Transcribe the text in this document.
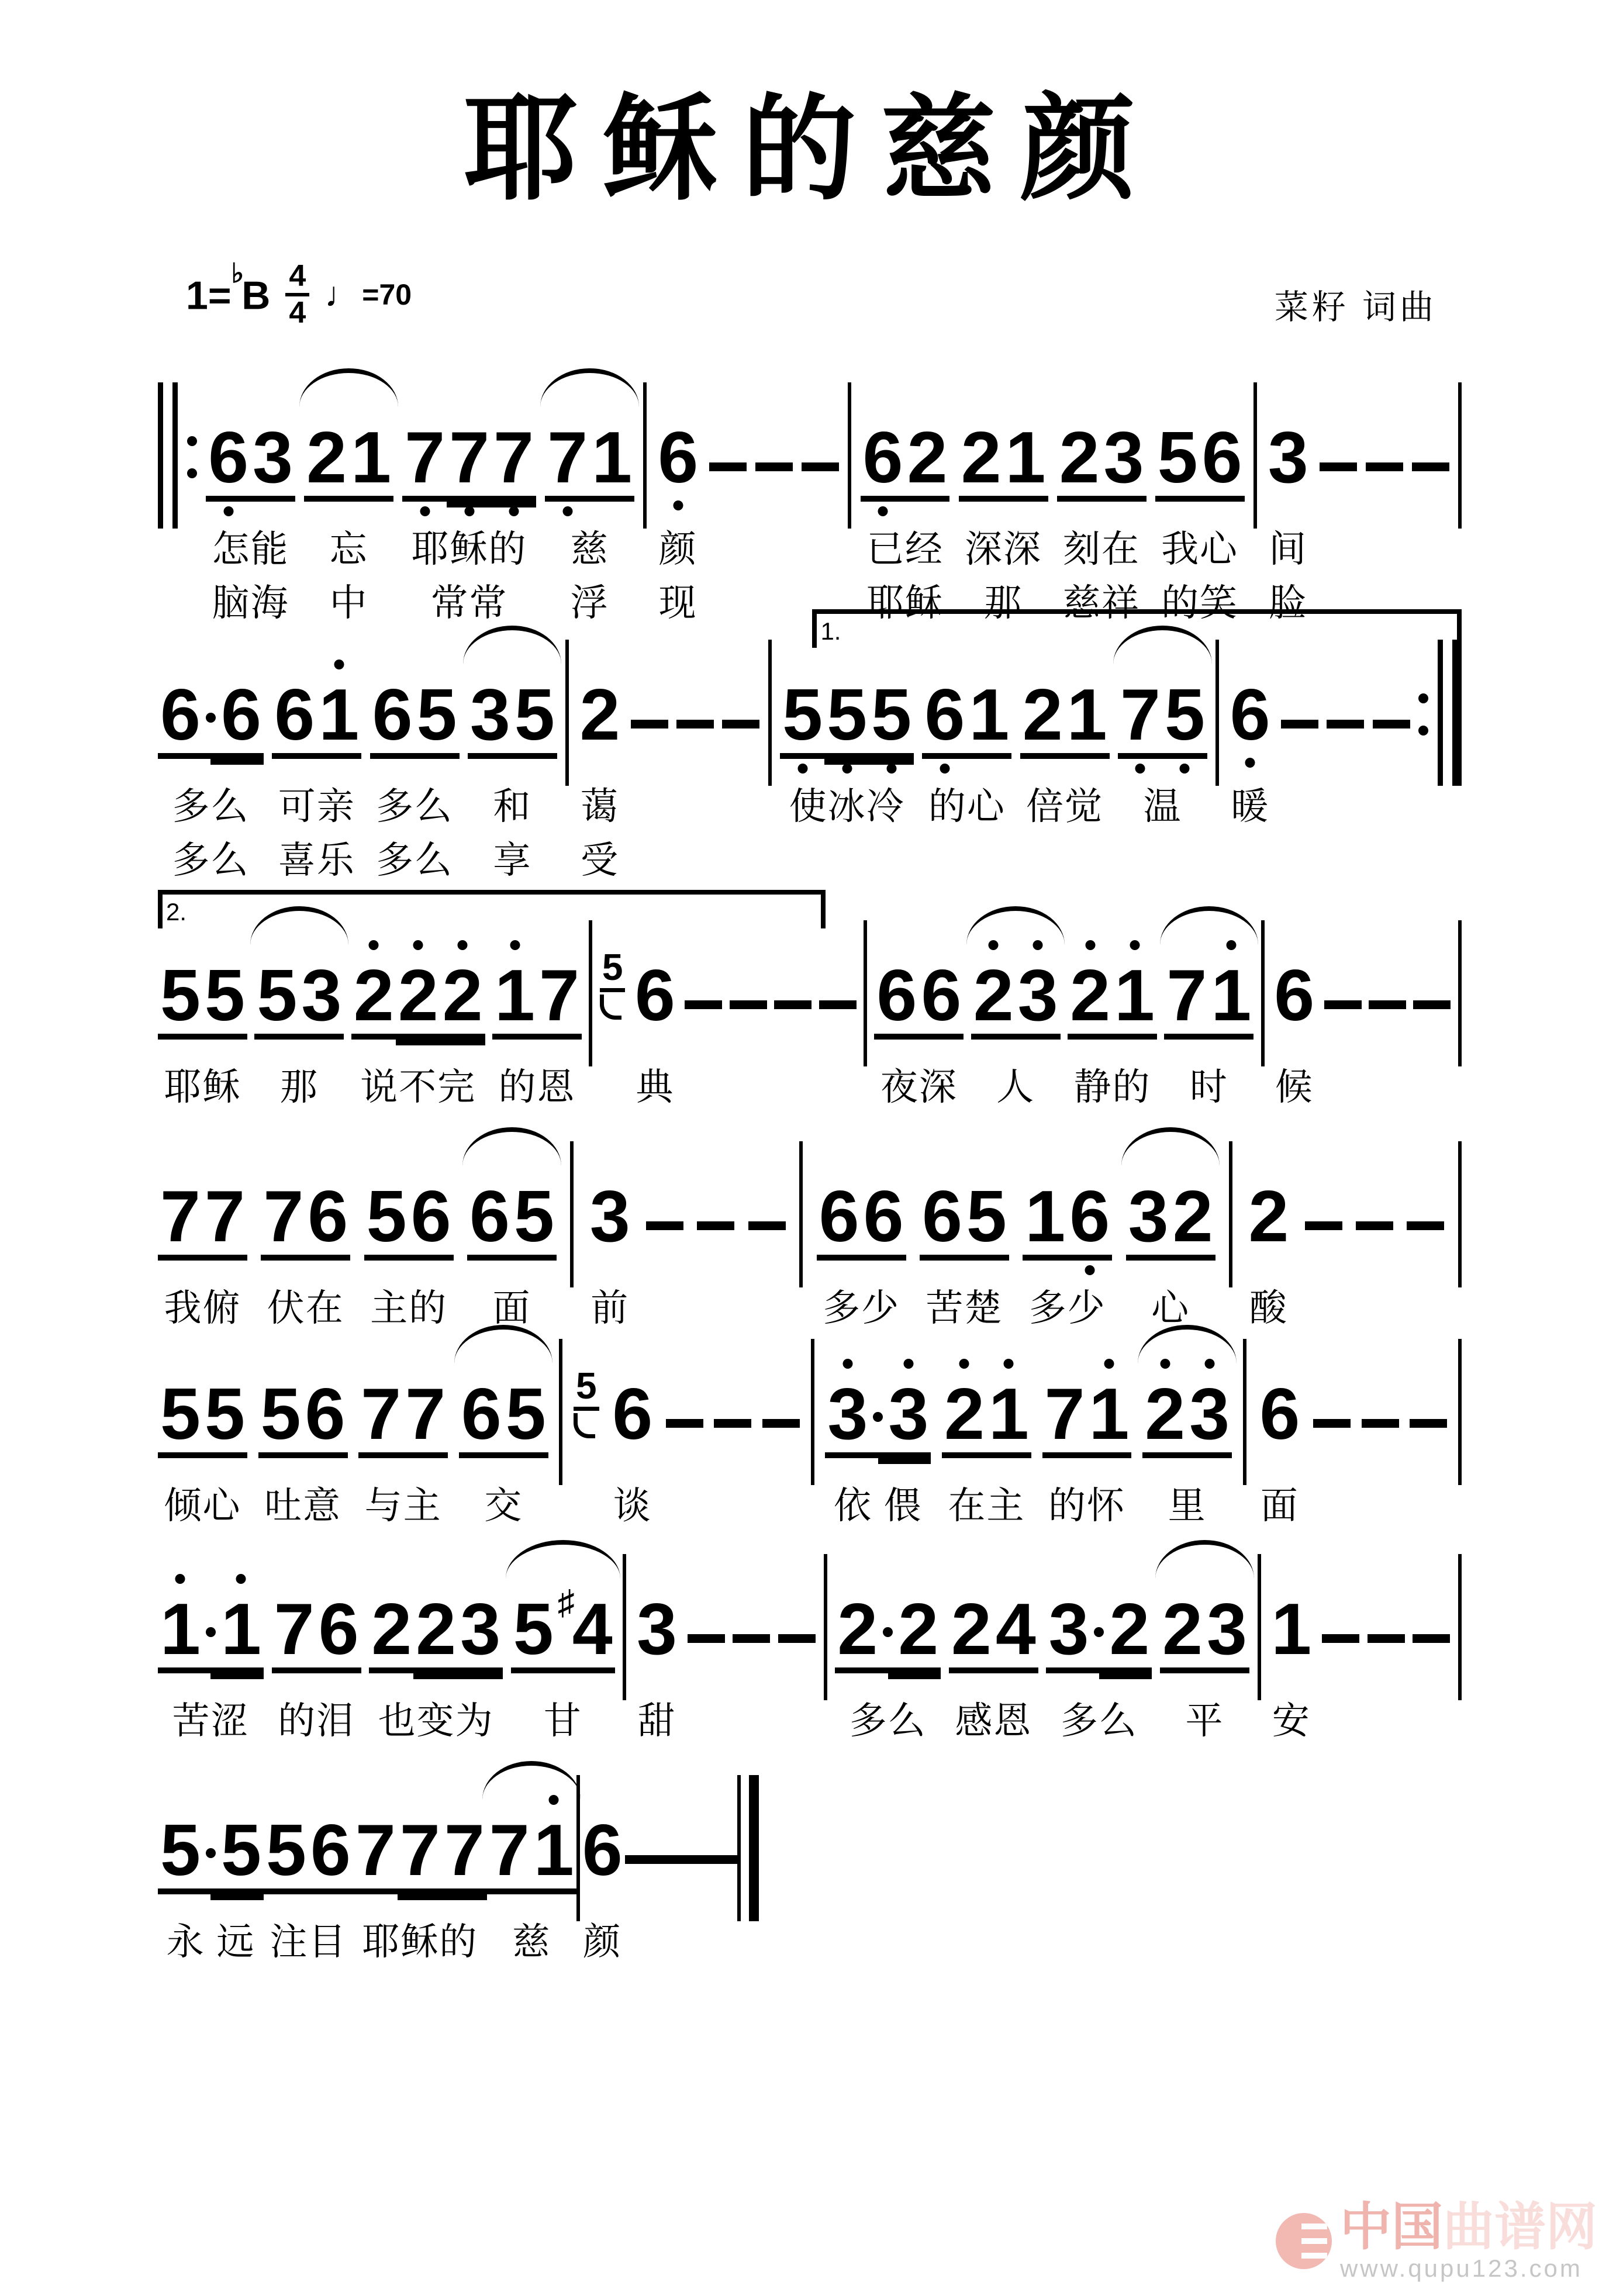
耶稣的慈颜
$1=^♭B \frac{4}{4}$ ♩ =70	菜籽 词曲
6 3
怎能
脑海
2 1
忘
中
7 7 7
耶稣的
常常
7 1
慈
浮
6
颜
现
6 2
已经
耶稣
2 1
深深
那
2 3
刻在
慈祥
5 6
我心
的笑
3
间
脸
1.
6 6
多么
多么
6 1
可亲
喜乐
6 5
多么
多么
3 5
和
享
2
蔼
受
5 5 5
使冰冷
6 1
的心
2 1
倍觉
7 5
温
6
暖
2.
5 5
耶稣
5 3
那
2 2 2
说不完
1 7
的恩
5 6
典
6 6
夜深
2 3
人
2 1
静的
7 1
时
6
候
7 7
我俯
7 6
伏在
5 6
主的
6 5
面
3
前
6 6
多少
6 5
苦楚
1 6
多少
3 2
心
2
酸
5 5
倾心
5 6
吐意
7 7
与主
6 5
交
5 6
谈
3 3
依 偎
2 1
在主
7 1
的怀
2 3
里
6
面
1 1
苦涩
7 6
的泪
2 2 3
也变为
5 ♯4
甘
3
甜
2 2
多么
2 4
感恩
3 2
多么
2 3
平
1
安
5 5
永 远
5 6
注目
7 7 7
耶稣的
7 1
慈
6
颜
中国曲谱网
www.qupu123.com
